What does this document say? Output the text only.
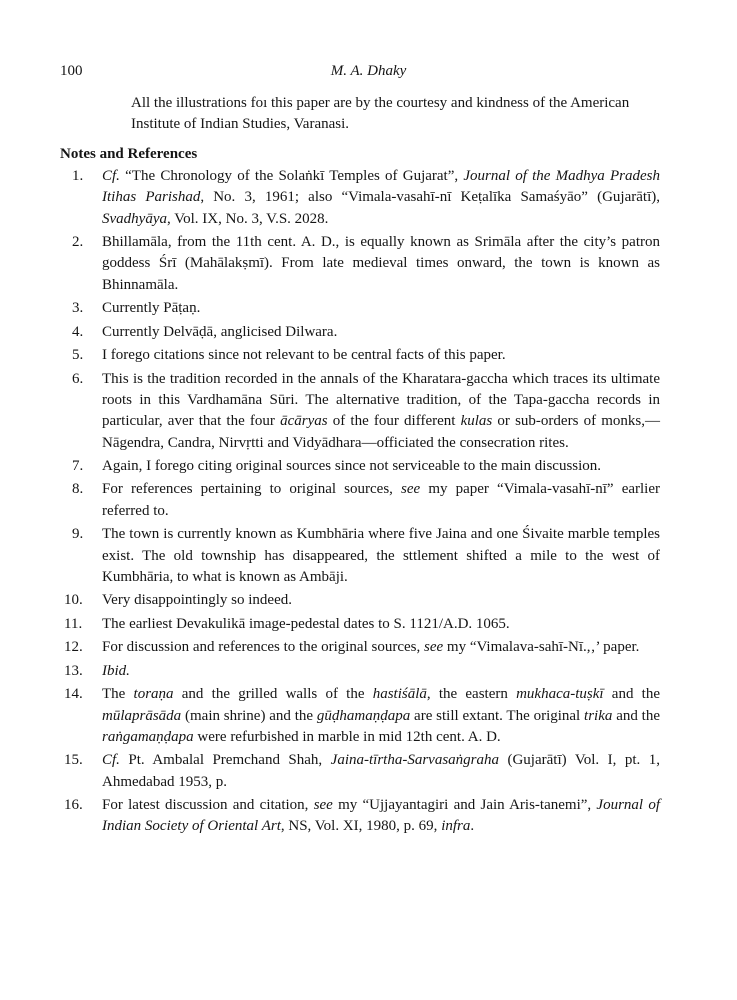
100	M. A. Dhaky

All the illustrations foı this paper are by the courtesy and kindness of the American Institute of Indian Studies, Varanasi.

Notes and References
1.	Cf. “The Chronology of the Solaṅkī Temples of Gujarat”, Journal of the Madhya Pradesh Itihas Parishad, No. 3, 1961; also “Vimala-vasahī-nī Keṭalīka Samaśyāo” (Gujarātī), Svadhyāya, Vol. IX, No. 3, V.S. 2028.
2.	Bhillamāla, from the 11th cent. A. D., is equally known as Srimāla after the city’s patron goddess Śrī (Mahālakṣmī). From late medieval times onward, the town is known as Bhinnamāla.
3.	Currently Pāṭaṇ.
4.	Currently Delvāḍā, anglicised Dilwara.
5.	I forego citations since not relevant to be central facts of this paper.
6.	This is the tradition recorded in the annals of the Kharatara-gaccha which traces its ultimate roots in this Vardhamāna Sūri. The alternative tradition, of the Tapa-gaccha records in particular, aver that the four ācāryas of the four different kulas or sub-orders of monks,—Nāgendra, Candra, Nirvṛtti and Vidyādhara—officiated the consecration rites.
7.	Again, I forego citing original sources since not serviceable to the main discussion.
8.	For references pertaining to original sources, see my paper “Vimala-vasahī-nī” earlier referred to.
9.	The town is currently known as Kumbhāria where five Jaina and one Śivaite marble temples exist. The old township has disappeared, the sttlement shifted a mile to the west of Kumbhāria, to what is known as Ambāji.
10.	Very disappointingly so indeed.
11.	The earliest Devakulikā image-pedestal dates to S. 1121/A.D. 1065.
12.	For discussion and references to the original sources, see my “Vimalava-sahī-Nī.,‚’ paper.
13.	Ibid.
14.	The toraṇa and the grilled walls of the hastiśālā, the eastern mukhaca-tuṣkī and the mūlaprāsāda (main shrine) and the gūḍhamaṇḍapa are still extant. The original trika and the raṅgamaṇḍapa were refurbished in marble in mid 12th cent. A. D.
15.	Cf. Pt. Ambalal Premchand Shah, Jaina-tīrtha-Sarvasaṅgraha (Gujarātī) Vol. I, pt. 1, Ahmedabad 1953, p.
16.	For latest discussion and citation, see my “Ujjayantagiri and Jain Aris-tanemi”, Journal of Indian Society of Oriental Art, NS, Vol. XI, 1980, p. 69, infra.
